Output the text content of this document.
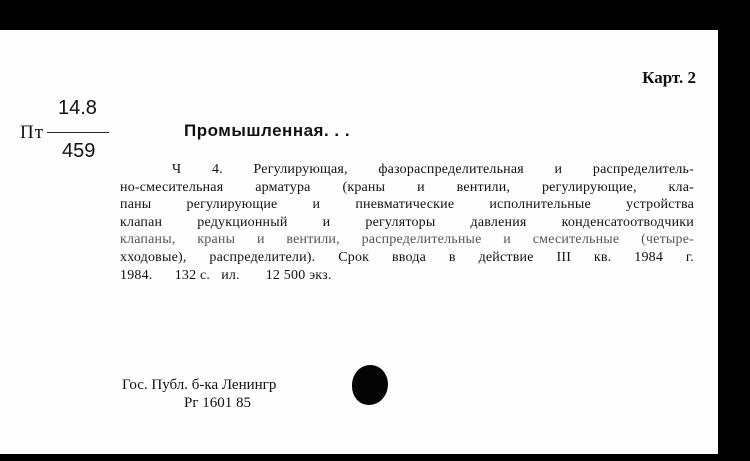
Карт. 2
14.8
Пт
459
Промышленная. . .
Ч 4. Регулирующая, фазораспределительная и распределитель-
но-смесительная арматура (краны и вентили, регулирующие, кла-
паны регулирующие и пневматические исполнительные устройства
клапан редукционный и регуляторы давления конденсатоотводчики
клапаны, краны и вентили, распределительные и смесительные (четыре-
хходовые), распределители). Срок ввода в действие III кв. 1984 г.
1984.      132 с.   ил.       12 500 экз.
Гос. Публ. б-ка Ленингр
Рг 1601 85
